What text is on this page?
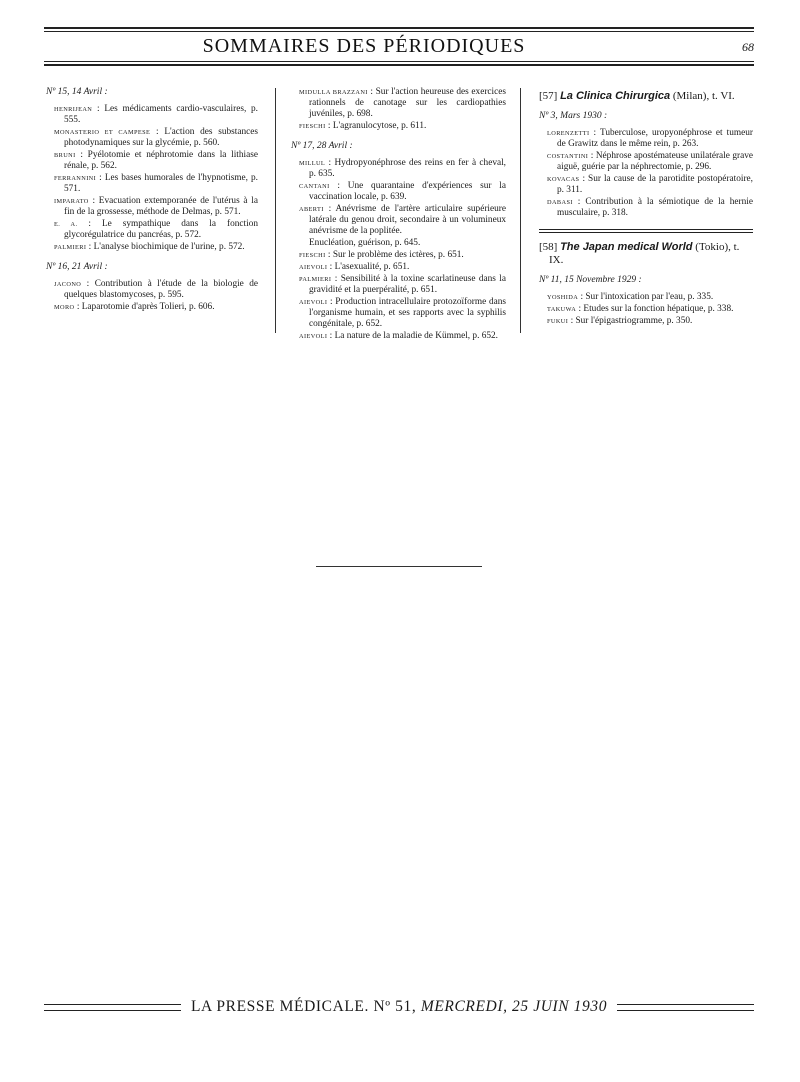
SOMMAIRES DES PÉRIODIQUES	68
Nº 15, 14 Avril :
HENRIJEAN : Les médicaments cardio-vasculaires, p. 555.
MONASTERIO ET CAMPESE : L'action des substances photodynamiques sur la glycémie, p. 560.
BRUNI : Pyélotomie et néphrotomie dans la lithiase rénale, p. 562.
FERRANNINI : Les bases humorales de l'hypnotisme, p. 571.
IMPARATO : Evacuation extemporanée de l'utérus à la fin de la grossesse, méthode de Delmas, p. 571.
E. A. : Le sympathique dans la fonction glycorégulatrice du pancréas, p. 572.
PALMIERI : L'analyse biochimique de l'urine, p. 572.
Nº 16, 21 Avril :
JACONO : Contribution à l'étude de la biologie de quelques blastomycoses, p. 595.
MORO : Laparotomie d'après Tolieri, p. 606.
MIDULLA BRAZZANI : Sur l'action heureuse des exercices rationnels de canotage sur les cardiopathies juvéniles, p. 698.
FIESCHI : L'agranulocytose, p. 611.
Nº 17, 28 Avril :
MILLUL : Hydropyonéphrose des reins en fer à cheval, p. 635.
CANTANI : Une quarantaine d'expériences sur la vaccination locale, p. 639.
ABERTI : Anévrisme de l'artère articulaire supérieure latérale du genou droit, secondaire à un volumineux anévrisme de la poplitée.
Enucléation, guérison, p. 645.
FIESCHI : Sur le problème des ictères, p. 651.
AIEVOLI : L'asexualité, p. 651.
PALMIERI : Sensibilité à la toxine scarlatineuse dans la gravidité et la puerpéralité, p. 651.
AIEVOLI : Production intracellulaire protozoïforme dans l'organisme humain, et ses rapports avec la syphilis congénitale, p. 652.
AIEVOLI : La nature de la maladie de Kümmel, p. 652.
[57] La Clinica Chirurgica (Milan), t. VI.
Nº 3, Mars 1930 :
LORENZETTI : Tuberculose, uropyonéphrose et tumeur de Grawitz dans le même rein, p. 263.
COSTANTINI : Néphrose apostémateuse unilatérale grave aiguë, guérie par la néphrectomie, p. 296.
KOVACAS : Sur la cause de la parotidite postopératoire, p. 311.
DABASI : Contribution à la sémiotique de la hernie musculaire, p. 318.
[58] The Japan medical World (Tokio), t. IX.
Nº 11, 15 Novembre 1929 :
YOSHIDA : Sur l'intoxication par l'eau, p. 335.
TAKUWA : Etudes sur la fonction hépatique, p. 338.
FUKUI : Sur l'épigastriogramme, p. 350.
LA PRESSE MÉDICALE. Nº 51, MERCREDI, 25 JUIN 1930
